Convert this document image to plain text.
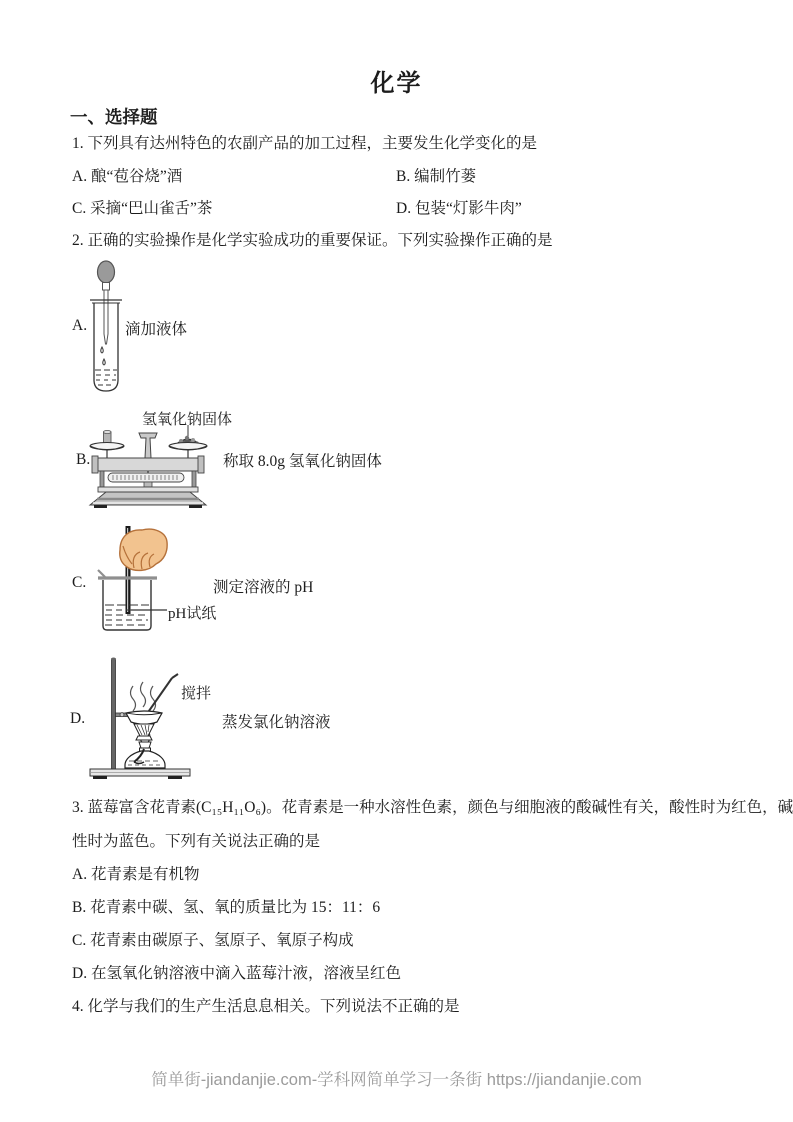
化学
一、选择题
1. 下列具有达州特色的农副产品的加工过程，主要发生化学变化的是
A. 酿“苞谷烧”酒	B. 编制竹蒌
C. 采摘“巴山雀舌”茶	D. 包装“灯影牛肉”
2. 正确的实验操作是化学实验成功的重要保证。下列实验操作正确的是
A. 滴加液体
氢氧化钠固体
B.	称取 8.0g 氢氧化钠固体
C.
pH试纸
测定溶液的 pH
D.
搅拌
蒸发氯化钠溶液
3. 蓝莓富含花青素(C₁₅H₁₁O₆)。花青素是一种水溶性色素，颜色与细胞液的酸碱性有关，酸性时为红色，碱
性时为蓝色。下列有关说法正确的是
A. 花青素是有机物
B. 花青素中碳、氢、氧的质量比为 15：11：6
C. 花青素由碳原子、氢原子、氧原子构成
D. 在氢氧化钠溶液中滴入蓝莓汁液，溶液呈红色
4. 化学与我们的生产生活息息相关。下列说法不正确的是
简单街-jiandanjie.com-学科网简单学习一条街 https://jiandanjie.com
